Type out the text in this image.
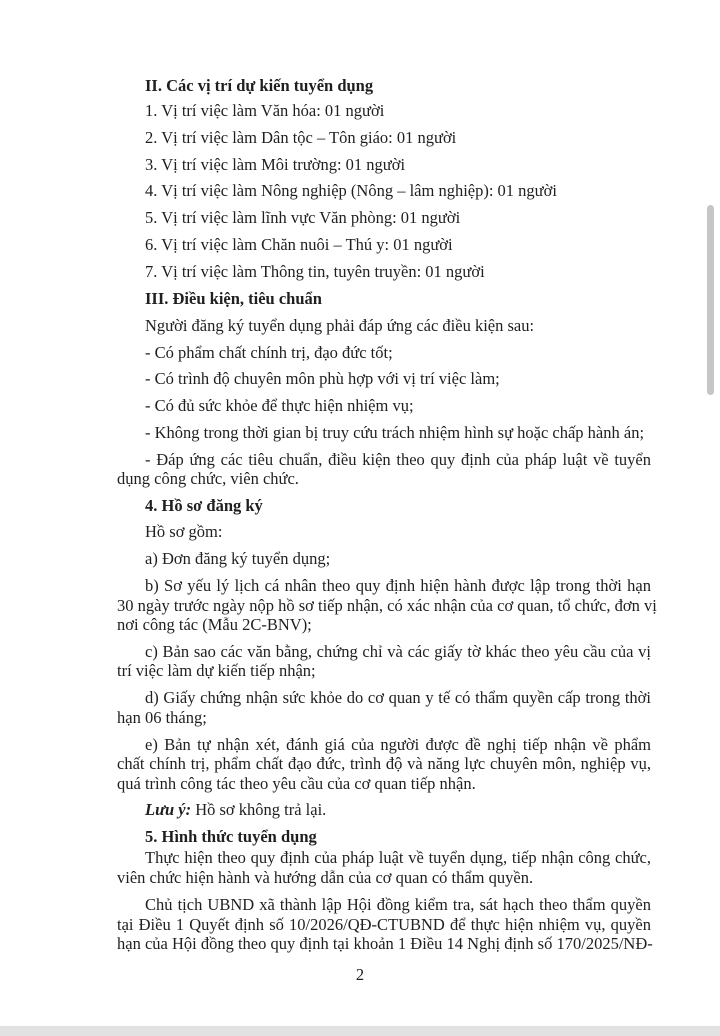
II. Các vị trí dự kiến tuyển dụng
1. Vị trí việc làm Văn hóa: 01 người
2. Vị trí việc làm Dân tộc – Tôn giáo: 01 người
3. Vị trí việc làm Môi trường: 01 người
4. Vị trí việc làm Nông nghiệp (Nông – lâm nghiệp): 01 người
5. Vị trí việc làm lĩnh vực Văn phòng: 01 người
6. Vị trí việc làm Chăn nuôi – Thú y: 01 người
7. Vị trí việc làm Thông tin, tuyên truyền: 01 người
III. Điều kiện, tiêu chuẩn
Người đăng ký tuyển dụng phải đáp ứng các điều kiện sau:
- Có phẩm chất chính trị, đạo đức tốt;
- Có trình độ chuyên môn phù hợp với vị trí việc làm;
- Có đủ sức khỏe để thực hiện nhiệm vụ;
- Không trong thời gian bị truy cứu trách nhiệm hình sự hoặc chấp hành án;
- Đáp ứng các tiêu chuẩn, điều kiện theo quy định của pháp luật về tuyển
dụng công chức, viên chức.
4. Hồ sơ đăng ký
Hồ sơ gồm:
a) Đơn đăng ký tuyển dụng;
b) Sơ yếu lý lịch cá nhân theo quy định hiện hành được lập trong thời hạn
30 ngày trước ngày nộp hồ sơ tiếp nhận, có xác nhận của cơ quan, tổ chức, đơn vị
nơi công tác (Mẫu 2C-BNV);
c) Bản sao các văn bằng, chứng chỉ và các giấy tờ khác theo yêu cầu của vị
trí việc làm dự kiến tiếp nhận;
d) Giấy chứng nhận sức khỏe do cơ quan y tế có thẩm quyền cấp trong thời
hạn 06 tháng;
e) Bản tự nhận xét, đánh giá của người được đề nghị tiếp nhận về phẩm
chất chính trị, phẩm chất đạo đức, trình độ và năng lực chuyên môn, nghiệp vụ,
quá trình công tác theo yêu cầu của cơ quan tiếp nhận.
Lưu ý: Hồ sơ không trả lại.
5. Hình thức tuyển dụng
Thực hiện theo quy định của pháp luật về tuyển dụng, tiếp nhận công chức,
viên chức hiện hành và hướng dẫn của cơ quan có thẩm quyền.
Chủ tịch UBND xã thành lập Hội đồng kiểm tra, sát hạch theo thẩm quyền
tại Điều 1 Quyết định số 10/2026/QĐ-CTUBND để thực hiện nhiệm vụ, quyền
hạn của Hội đồng theo quy định tại khoản 1 Điều 14 Nghị định số 170/2025/NĐ-
2
